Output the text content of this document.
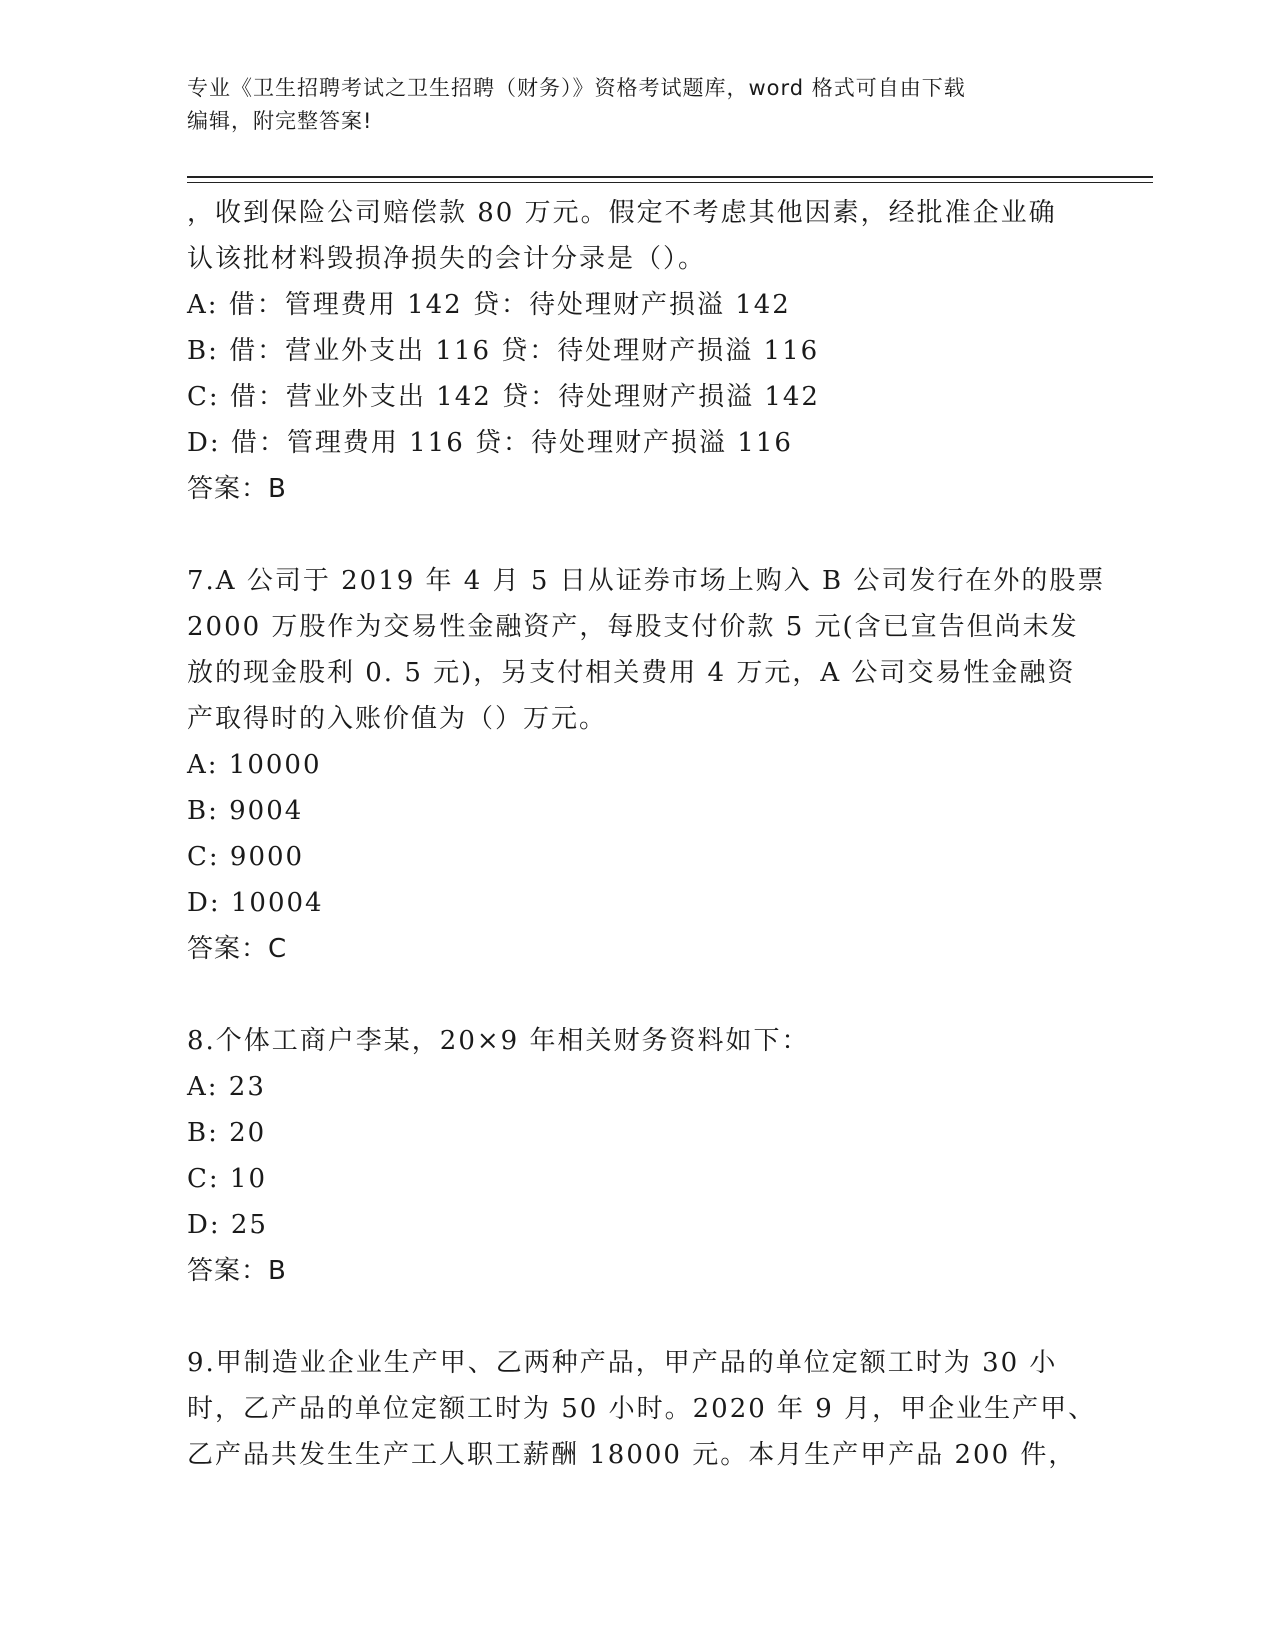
专业《卫生招聘考试之卫生招聘（财务）》资格考试题库，word 格式可自由下载
编辑，附完整答案!
，收到保险公司赔偿款 80 万元。假定不考虑其他因素，经批准企业确
认该批材料毁损净损失的会计分录是（）。
A: 借：管理费用 142 贷：待处理财产损溢 142
B: 借：营业外支出 116 贷：待处理财产损溢 116
C: 借：营业外支出 142 贷：待处理财产损溢 142
D: 借：管理费用 116 贷：待处理财产损溢 116
答案：B
7.A 公司于 2019 年 4 月 5 日从证券市场上购入 B 公司发行在外的股票
2000 万股作为交易性金融资产，每股支付价款 5 元(含已宣告但尚未发
放的现金股利 0. 5 元)，另支付相关费用 4 万元，A 公司交易性金融资
产取得时的入账价值为（）万元。
A: 10000
B: 9004
C: 9000
D: 10004
答案：C
8.个体工商户李某，20×9 年相关财务资料如下：
A: 23
B: 20
C: 10
D: 25
答案：B
9.甲制造业企业生产甲、乙两种产品，甲产品的单位定额工时为 30 小
时，乙产品的单位定额工时为 50 小时。2020 年 9 月，甲企业生产甲、
乙产品共发生生产工人职工薪酬 18000 元。本月生产甲产品 200 件，
